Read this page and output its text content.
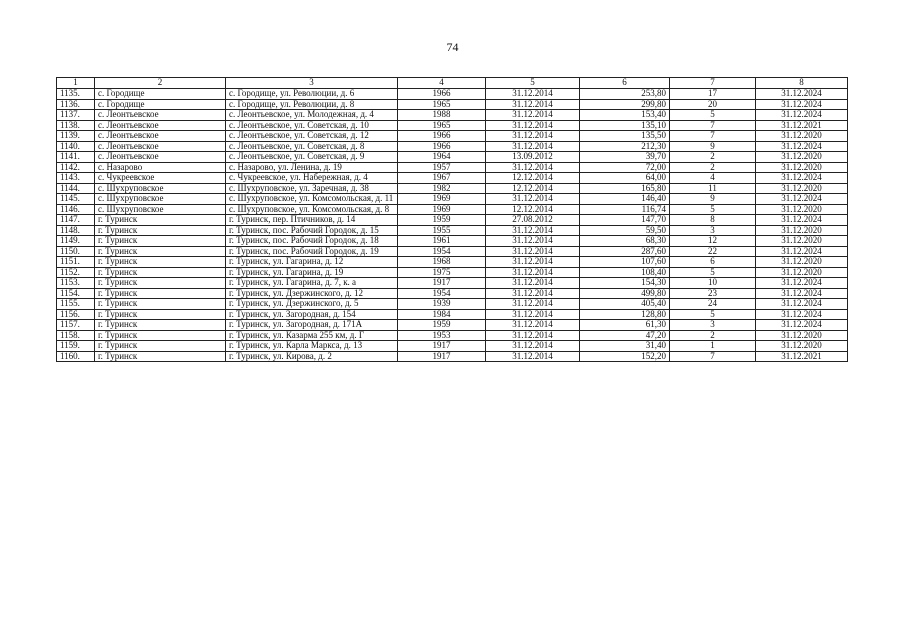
74
1	2	3	4	5	6	7	8
1135.	с. Городище	с. Городище, ул. Революции, д. 6	1966	31.12.2014	253,80	17	31.12.2024
1136.	с. Городище	с. Городище, ул. Революции, д. 8	1965	31.12.2014	299,80	20	31.12.2024
1137.	с. Леонтьевское	с. Леонтьевское, ул. Молодежная, д. 4	1988	31.12.2014	153,40	5	31.12.2024
1138.	с. Леонтьевское	с. Леонтьевское, ул. Советская, д. 10	1965	31.12.2014	135,10	7	31.12.2021
1139.	с. Леонтьевское	с. Леонтьевское, ул. Советская, д. 12	1966	31.12.2014	135,50	7	31.12.2020
1140.	с. Леонтьевское	с. Леонтьевское, ул. Советская, д. 8	1966	31.12.2014	212,30	9	31.12.2024
1141.	с. Леонтьевское	с. Леонтьевское, ул. Советская, д. 9	1964	13.09.2012	39,70	2	31.12.2020
1142.	с. Назарово	с. Назарово, ул. Ленина, д. 19	1957	31.12.2014	72,00	2	31.12.2020
1143.	с. Чукреевское	с. Чукреевское, ул. Набережная, д. 4	1967	12.12.2014	64,00	4	31.12.2024
1144.	с. Шухруповское	с. Шухруповское, ул. Заречная, д. 38	1982	12.12.2014	165,80	11	31.12.2020
1145.	с. Шухруповское	с. Шухруповское, ул. Комсомольская, д. 11	1969	31.12.2014	146,40	9	31.12.2024
1146.	с. Шухруповское	с. Шухруповское, ул. Комсомольская, д. 8	1969	12.12.2014	116,74	5	31.12.2020
1147.	г. Туринск	г. Туринск, пер. Птичников, д. 14	1959	27.08.2012	147,70	8	31.12.2024
1148.	г. Туринск	г. Туринск, пос. Рабочий Городок, д. 15	1955	31.12.2014	59,50	3	31.12.2020
1149.	г. Туринск	г. Туринск, пос. Рабочий Городок, д. 18	1961	31.12.2014	68,30	12	31.12.2020
1150.	г. Туринск	г. Туринск, пос. Рабочий Городок, д. 19	1954	31.12.2014	287,60	22	31.12.2024
1151.	г. Туринск	г. Туринск, ул. Гагарина, д. 12	1968	31.12.2014	107,60	6	31.12.2020
1152.	г. Туринск	г. Туринск, ул. Гагарина, д. 19	1975	31.12.2014	108,40	5	31.12.2020
1153.	г. Туринск	г. Туринск, ул. Гагарина, д. 7, к. а	1917	31.12.2014	154,30	10	31.12.2024
1154.	г. Туринск	г. Туринск, ул. Дзержинского, д. 12	1954	31.12.2014	499,80	23	31.12.2024
1155.	г. Туринск	г. Туринск, ул. Дзержинского, д. 5	1939	31.12.2014	405,40	24	31.12.2024
1156.	г. Туринск	г. Туринск, ул. Загородная, д. 154	1984	31.12.2014	128,80	5	31.12.2024
1157.	г. Туринск	г. Туринск, ул. Загородная, д. 171А	1959	31.12.2014	61,30	3	31.12.2024
1158.	г. Туринск	г. Туринск, ул. Казарма 255 км, д. Г	1953	31.12.2014	47,20	2	31.12.2020
1159.	г. Туринск	г. Туринск, ул. Карла Маркса, д. 13	1917	31.12.2014	31,40	1	31.12.2020
1160.	г. Туринск	г. Туринск, ул. Кирова, д. 2	1917	31.12.2014	152,20	7	31.12.2021
